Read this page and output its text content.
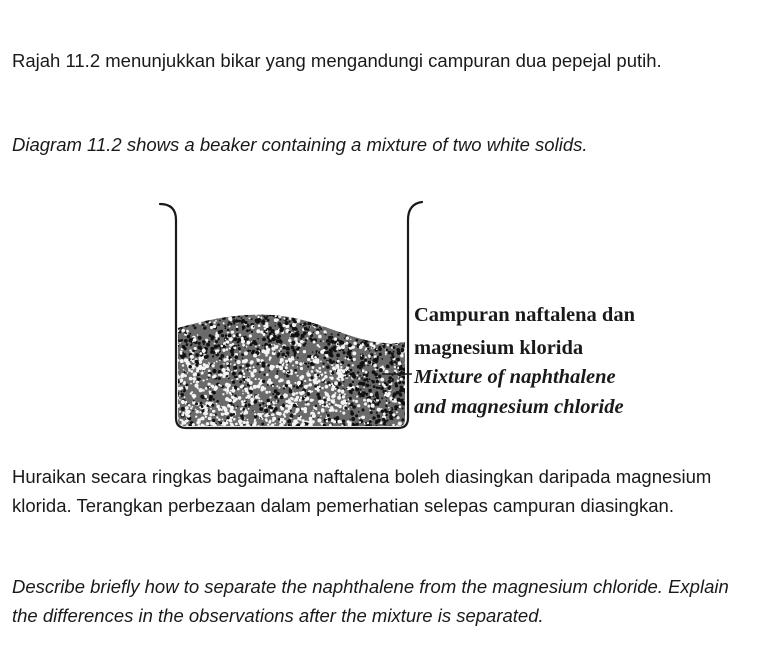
Rajah 11.2 menunjukkan bikar yang mengandungi campuran dua pepejal putih.

Diagram 11.2 shows a beaker containing a mixture of two white solids.

Campuran naftalena dan
magnesium klorida
Mixture of naphthalene
and magnesium chloride

Huraikan secara ringkas bagaimana naftalena boleh diasingkan daripada magnesium klorida. Terangkan perbezaan dalam pemerhatian selepas campuran diasingkan.

Describe briefly how to separate the naphthalene from the magnesium chloride. Explain the differences in the observations after the mixture is separated.
